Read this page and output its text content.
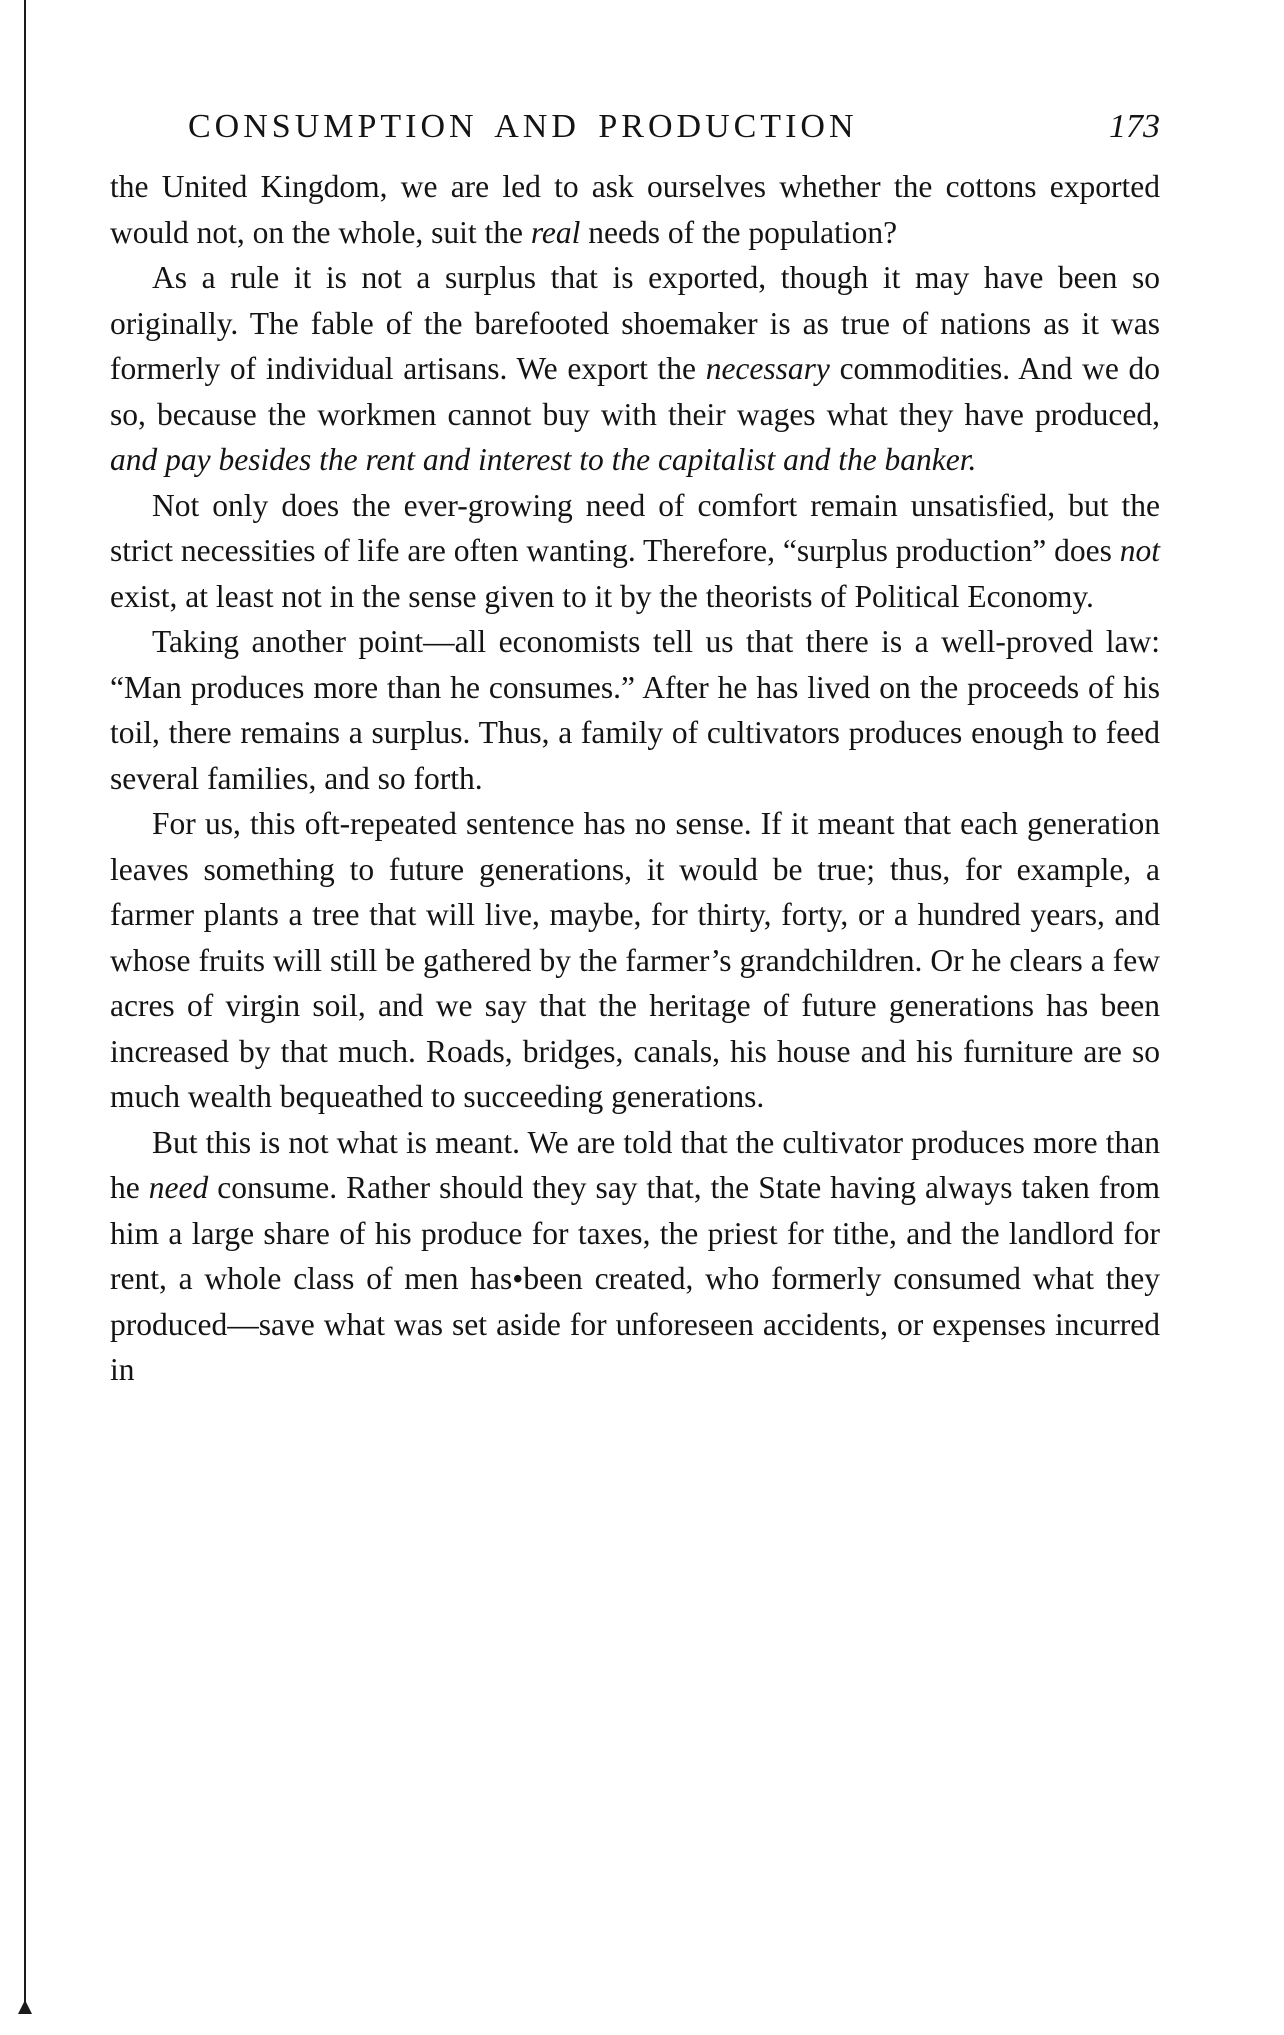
CONSUMPTION AND PRODUCTION	173

the United Kingdom, we are led to ask ourselves whether the cottons exported would not, on the whole, suit the real needs of the population?

As a rule it is not a surplus that is exported, though it may have been so originally. The fable of the barefooted shoemaker is as true of nations as it was formerly of individual artisans. We export the necessary commodities. And we do so, because the workmen cannot buy with their wages what they have produced, and pay besides the rent and interest to the capitalist and the banker.

Not only does the ever-growing need of comfort remain unsatisfied, but the strict necessities of life are often wanting. Therefore, “surplus production” does not exist, at least not in the sense given to it by the theorists of Political Economy.

Taking another point—all economists tell us that there is a well-proved law: “Man produces more than he consumes.” After he has lived on the proceeds of his toil, there remains a surplus. Thus, a family of cultivators produces enough to feed several families, and so forth.

For us, this oft-repeated sentence has no sense. If it meant that each generation leaves something to future generations, it would be true; thus, for example, a farmer plants a tree that will live, maybe, for thirty, forty, or a hundred years, and whose fruits will still be gathered by the farmer’s grandchildren. Or he clears a few acres of virgin soil, and we say that the heritage of future generations has been increased by that much. Roads, bridges, canals, his house and his furniture are so much wealth bequeathed to succeeding generations.

But this is not what is meant. We are told that the cultivator produces more than he need consume. Rather should they say that, the State having always taken from him a large share of his produce for taxes, the priest for tithe, and the landlord for rent, a whole class of men has•been created, who formerly consumed what they produced—save what was set aside for unforeseen accidents, or expenses incurred in
